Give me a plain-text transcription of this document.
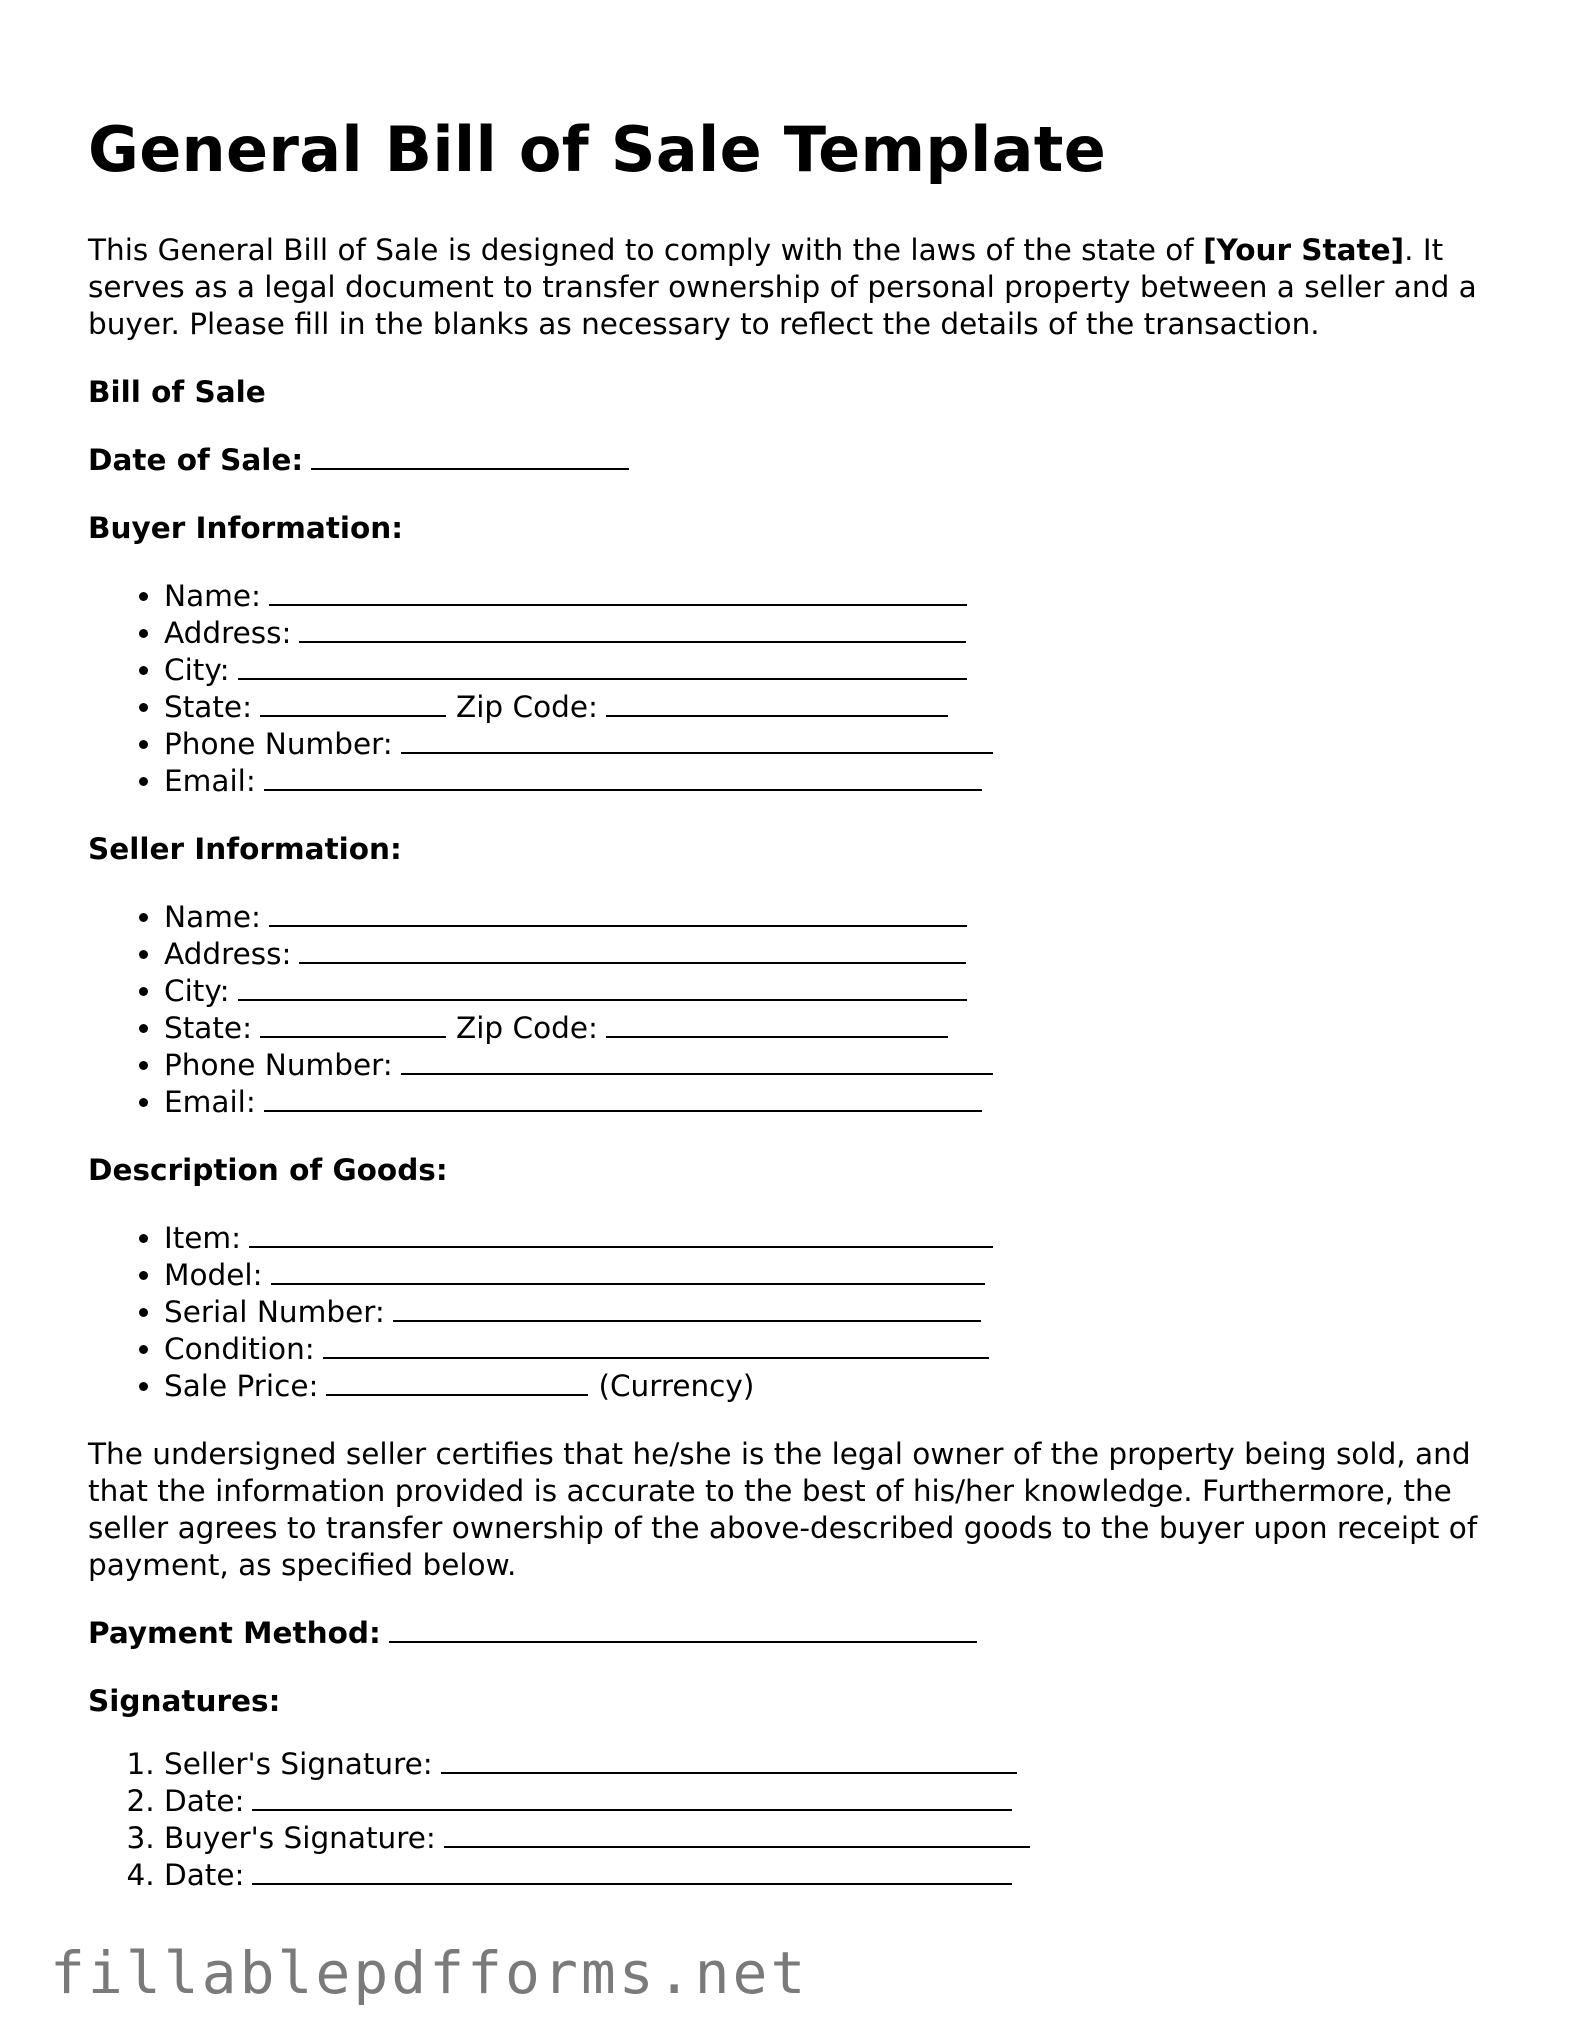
General Bill of Sale Template

This General Bill of Sale is designed to comply with the laws of the state of [Your State]. It serves as a legal document to transfer ownership of personal property between a seller and a buyer. Please fill in the blanks as necessary to reflect the details of the transaction.

Bill of Sale

Date of Sale:

Buyer Information:

• Name:
• Address:
• City:
• State:	Zip Code:
• Phone Number:
• Email:

Seller Information:

• Name:
• Address:
• City:
• State:	Zip Code:
• Phone Number:
• Email:

Description of Goods:

• Item:
• Model:
• Serial Number:
• Condition:
• Sale Price:	(Currency)

The undersigned seller certifies that he/she is the legal owner of the property being sold, and that the information provided is accurate to the best of his/her knowledge. Furthermore, the seller agrees to transfer ownership of the above-described goods to the buyer upon receipt of payment, as specified below.

Payment Method:

Signatures:

1. Seller's Signature:
2. Date:
3. Buyer's Signature:
4. Date:
fillablepdfforms.net
